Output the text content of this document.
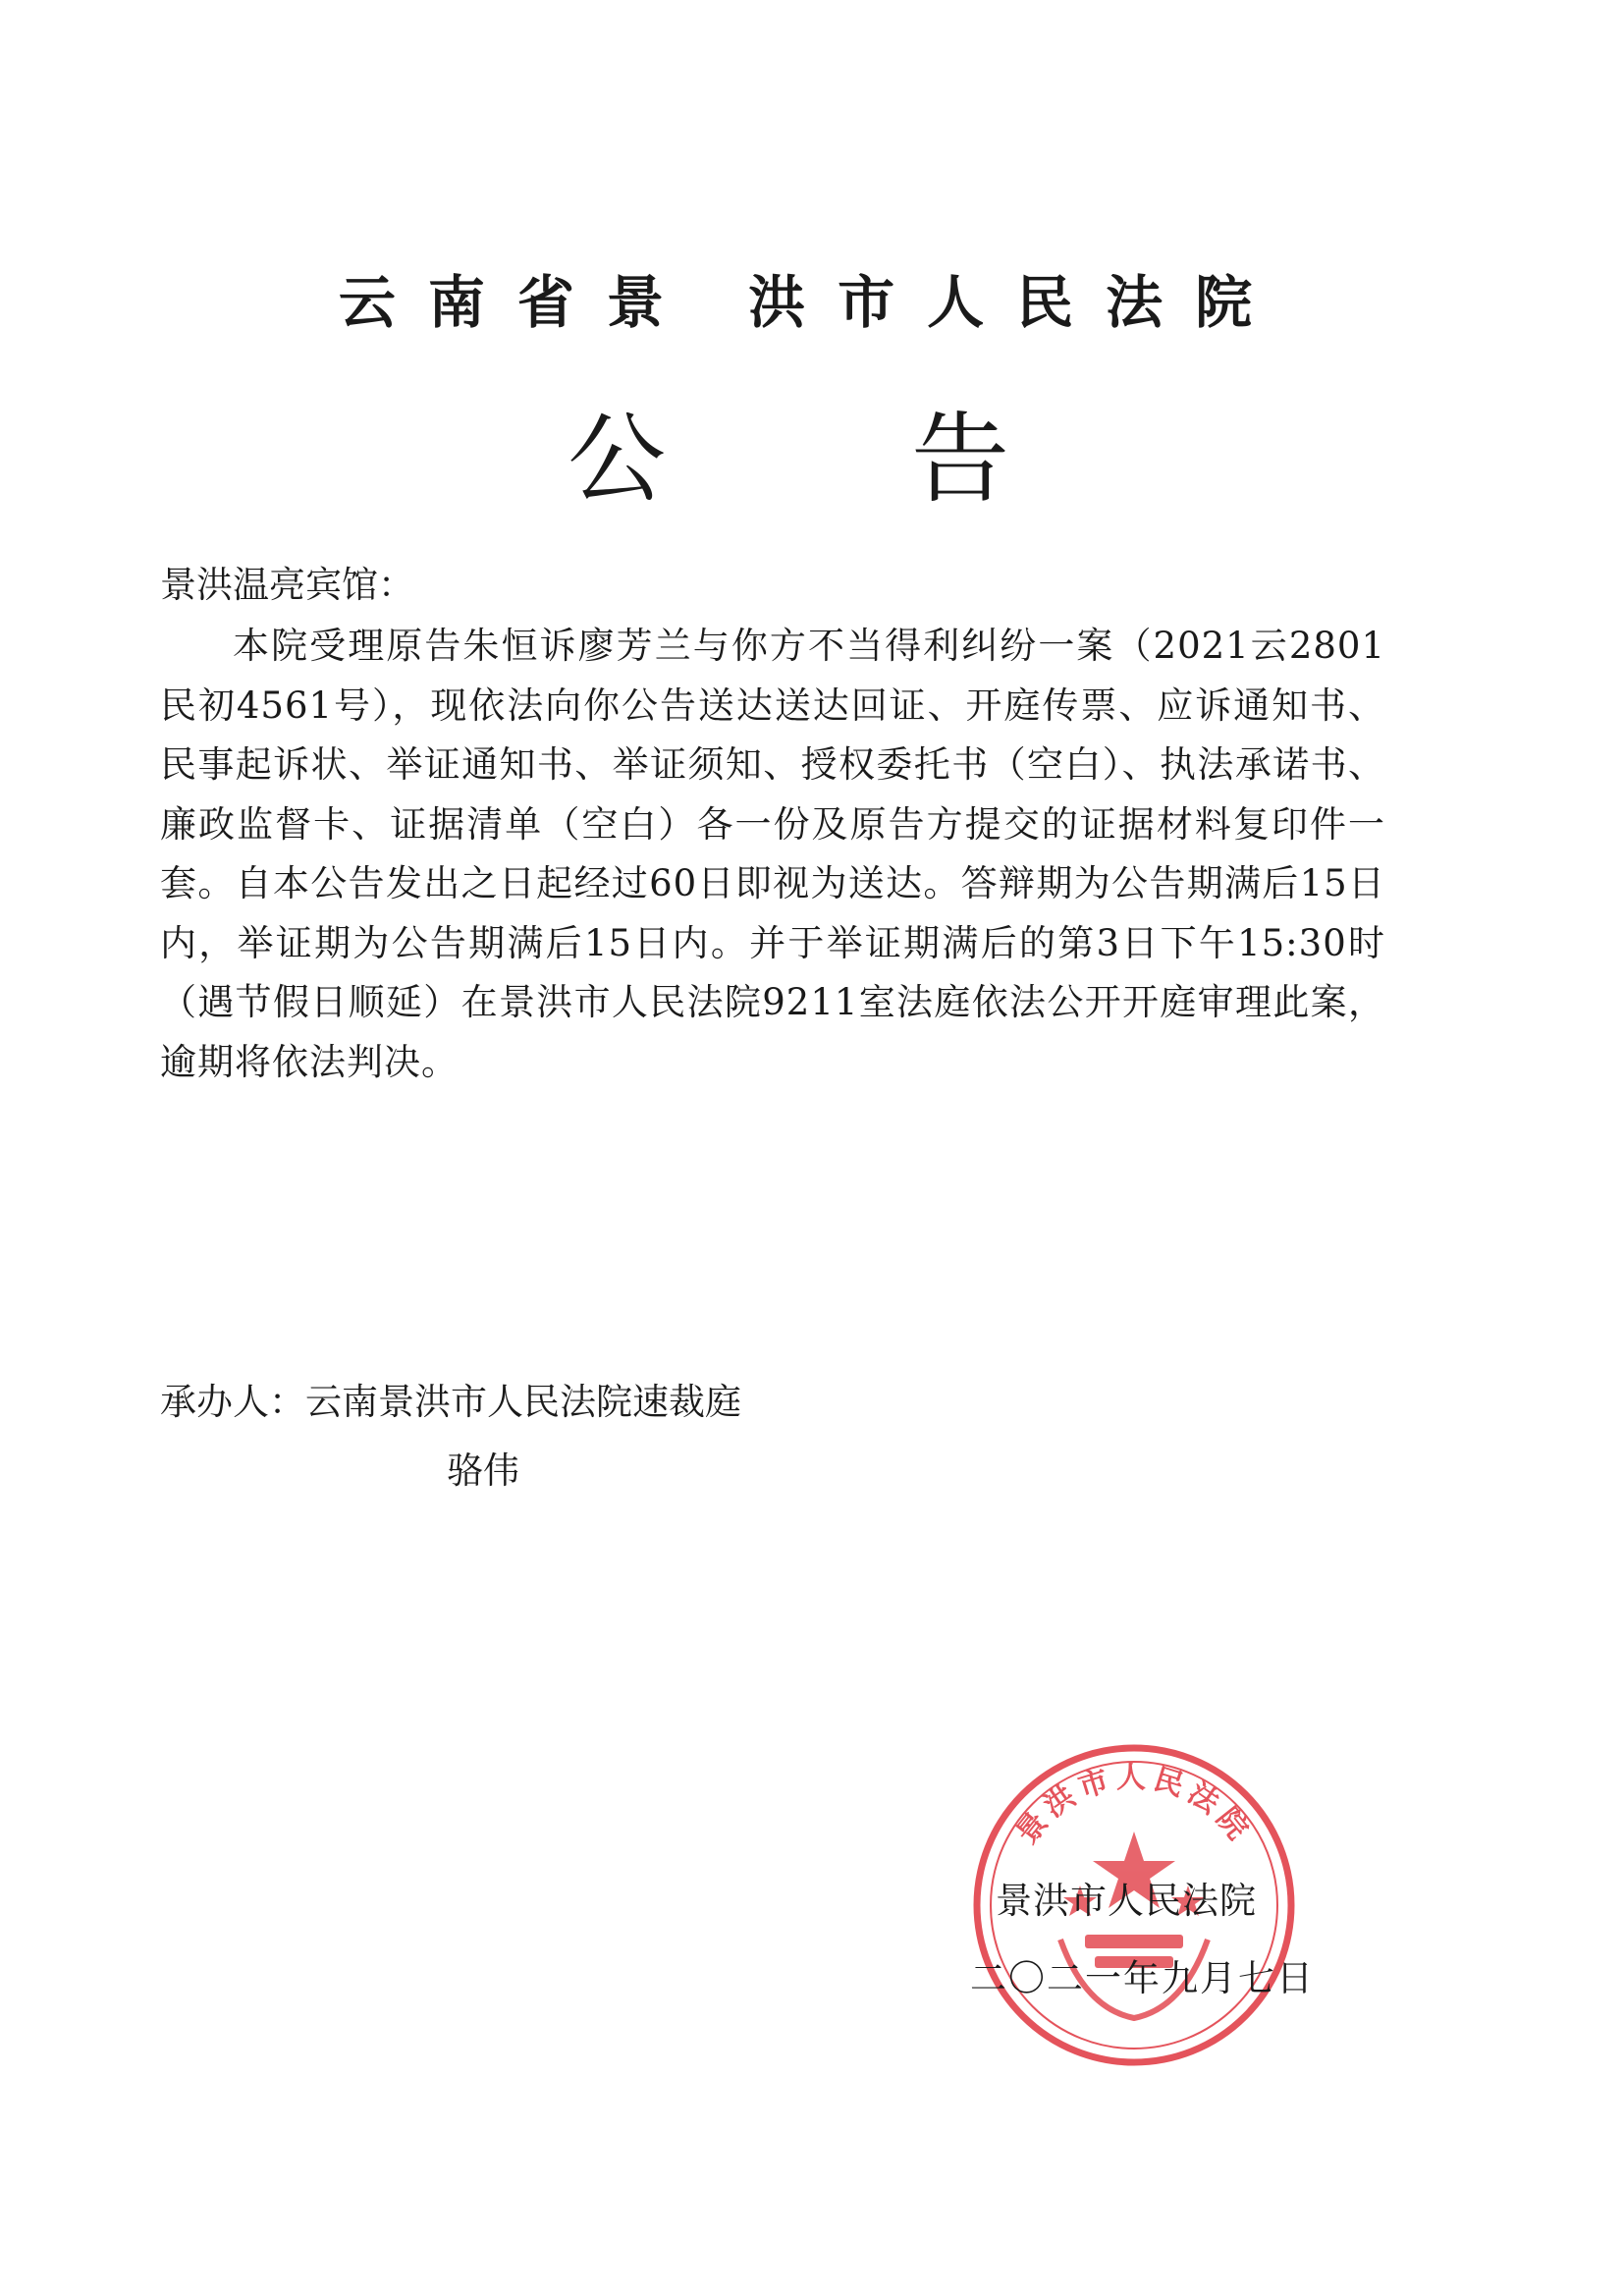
云南省景 洪市人民法院
公	告
景洪温亮宾馆：
本院受理原告朱恒诉廖芳兰与你方不当得利纠纷一案（2021云2801民初4561号），现依法向你公告送达送达回证、开庭传票、应诉通知书、民事起诉状、举证通知书、举证须知、授权委托书（空白）、执法承诺书、廉政监督卡、证据清单（空白）各一份及原告方提交的证据材料复印件一套。自本公告发出之日起经过60日即视为送达。答辩期为公告期满后15日内，举证期为公告期满后15日内。并于举证期满后的第3日下午15:30时（遇节假日顺延）在景洪市人民法院9211室法庭依法公开开庭审理此案，逾期将依法判决。
承办人：云南景洪市人民法院速裁庭
骆伟
景洪市人民法院
景洪市人民法院
二〇二一年九月七日
